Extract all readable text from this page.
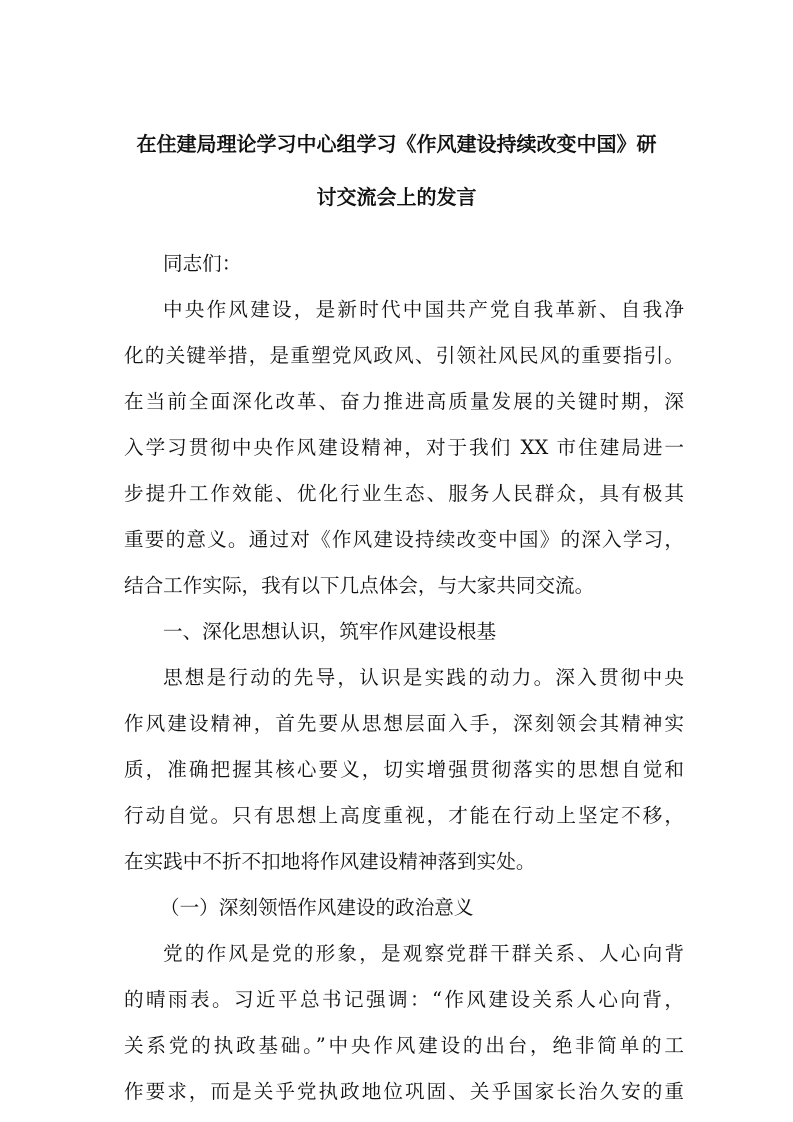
在住建局理论学习中心组学习《作风建设持续改变中国》研
讨交流会上的发言

同志们：

中央作风建设，是新时代中国共产党自我革新、自我净

化的关键举措，是重塑党风政风、引领社风民风的重要指引。

在当前全面深化改革、奋力推进高质量发展的关键时期，深

入学习贯彻中央作风建设精神，对于我们 XX 市住建局进一

步提升工作效能、优化行业生态、服务人民群众，具有极其

重要的意义。通过对《作风建设持续改变中国》的深入学习，

结合工作实际，我有以下几点体会，与大家共同交流。

一、深化思想认识，筑牢作风建设根基

思想是行动的先导，认识是实践的动力。深入贯彻中央

作风建设精神，首先要从思想层面入手，深刻领会其精神实

质，准确把握其核心要义，切实增强贯彻落实的思想自觉和

行动自觉。只有思想上高度重视，才能在行动上坚定不移，

在实践中不折不扣地将作风建设精神落到实处。

（一）深刻领悟作风建设的政治意义

党的作风是党的形象，是观察党群干群关系、人心向背

的晴雨表。习近平总书记强调：“作风建设关系人心向背，

关系党的执政基础。”中央作风建设的出台，绝非简单的工

作要求，而是关乎党执政地位巩固、关乎国家长治久安的重
